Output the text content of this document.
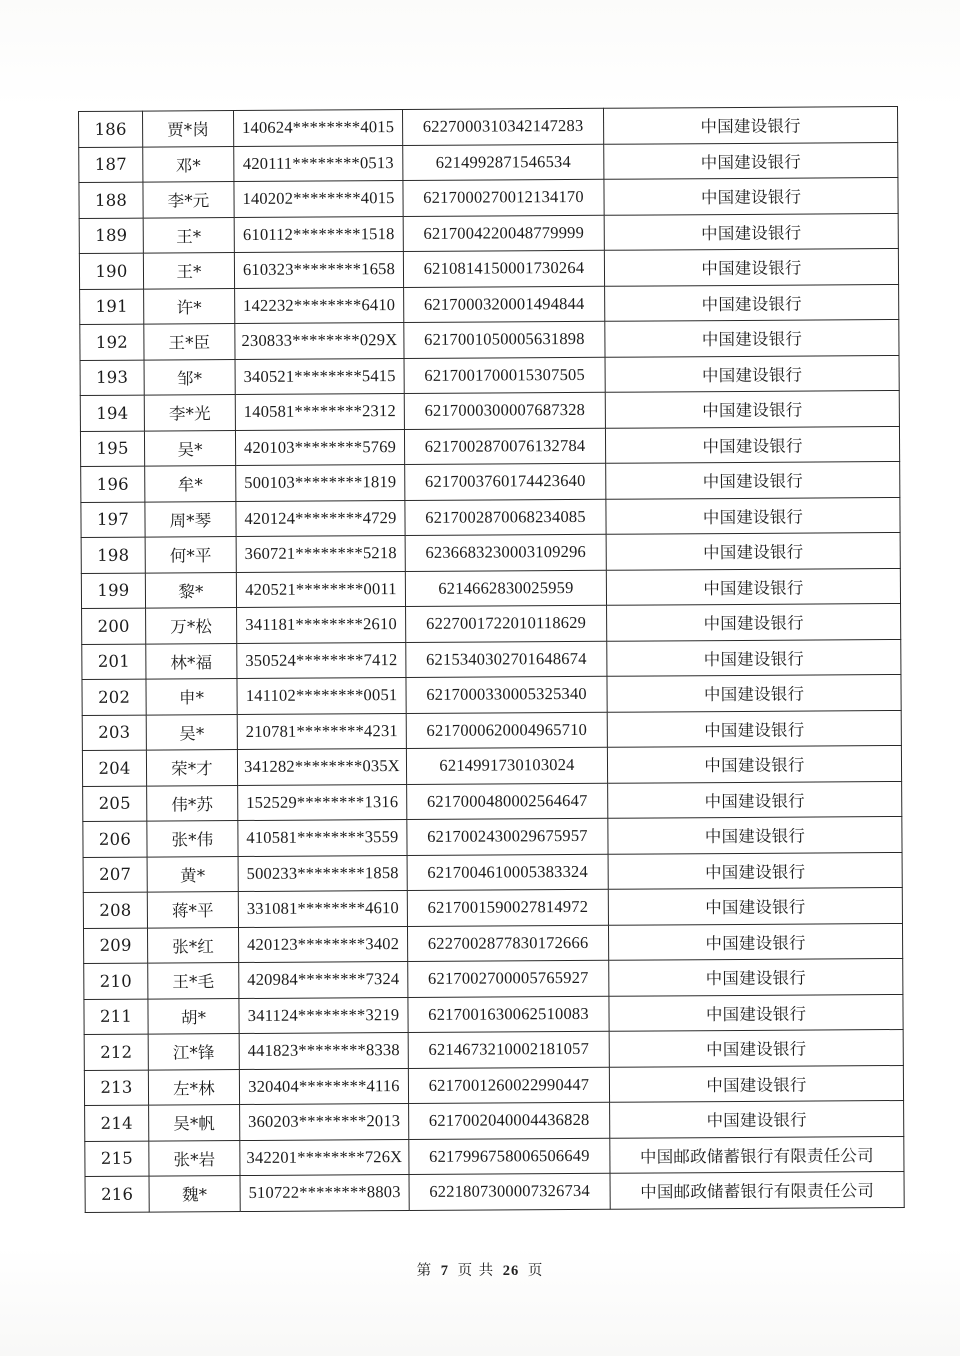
186	贾*岗	140624********4015	6227000310342147283	中国建设银行
187	邓*	420111********0513	6214992871546534	中国建设银行
188	李*元	140202********4015	6217000270012134170	中国建设银行
189	王*	610112********1518	6217004220048779999	中国建设银行
190	王*	610323********1658	6210814150001730264	中国建设银行
191	许*	142232********6410	6217000320001494844	中国建设银行
192	王*臣	230833********029X	6217001050005631898	中国建设银行
193	邹*	340521********5415	6217001700015307505	中国建设银行
194	李*光	140581********2312	6217000300007687328	中国建设银行
195	吴*	420103********5769	6217002870076132784	中国建设银行
196	牟*	500103********1819	6217003760174423640	中国建设银行
197	周*琴	420124********4729	6217002870068234085	中国建设银行
198	何*平	360721********5218	6236683230003109296	中国建设银行
199	黎*	420521********0011	6214662830025959	中国建设银行
200	万*松	341181********2610	6227001722010118629	中国建设银行
201	林*福	350524********7412	6215340302701648674	中国建设银行
202	申*	141102********0051	6217000330005325340	中国建设银行
203	吴*	210781********4231	6217000620004965710	中国建设银行
204	荣*才	341282********035X	6214991730103024	中国建设银行
205	伟*苏	152529********1316	6217000480002564647	中国建设银行
206	张*伟	410581********3559	6217002430029675957	中国建设银行
207	黄*	500233********1858	6217004610005383324	中国建设银行
208	蒋*平	331081********4610	6217001590027814972	中国建设银行
209	张*红	420123********3402	6227002877830172666	中国建设银行
210	王*毛	420984********7324	6217002700005765927	中国建设银行
211	胡*	341124********3219	6217001630062510083	中国建设银行
212	江*锋	441823********8338	6214673210002181057	中国建设银行
213	左*林	320404********4116	6217001260022990447	中国建设银行
214	吴*帆	360203********2013	6217002040004436828	中国建设银行
215	张*岩	342201********726X	6217996758006506649	中国邮政储蓄银行有限责任公司
216	魏*	510722********8803	6221807300007326734	中国邮政储蓄银行有限责任公司
第 7 页 共 26 页
